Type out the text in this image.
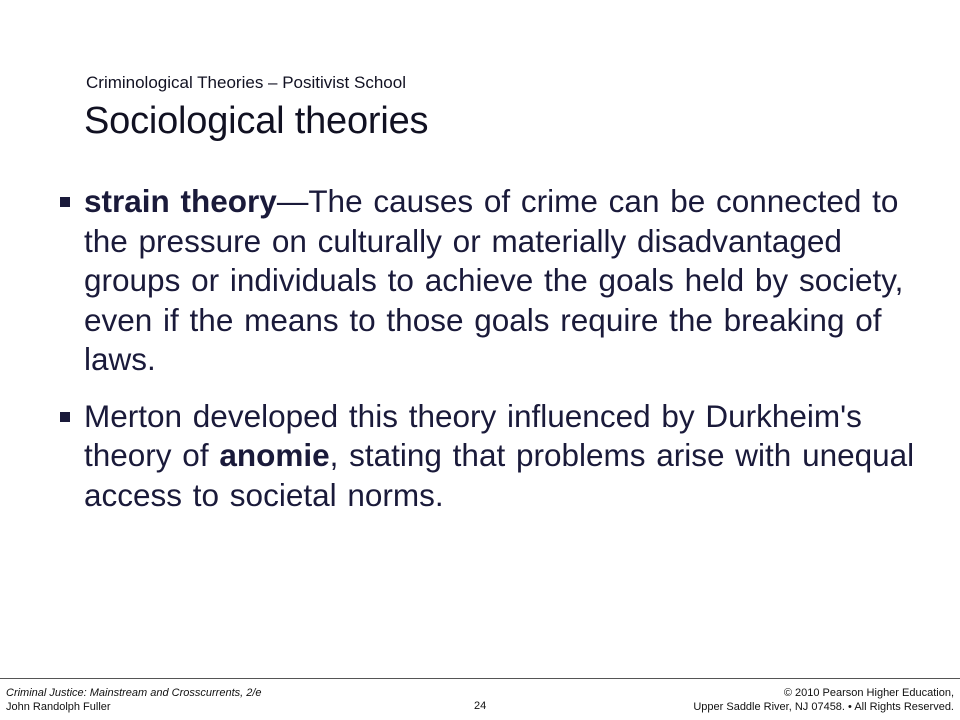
Criminological Theories – Positivist School
Sociological theories
strain theory—The causes of crime can be connected to the pressure on culturally or materially disadvantaged groups or individuals to achieve the goals held by society, even if the means to those goals require the breaking of laws.
Merton developed this theory influenced by Durkheim's theory of anomie, stating that problems arise with unequal access to societal norms.
Criminal Justice: Mainstream and Crosscurrents, 2/e
John Randolph Fuller	24
© 2010 Pearson Higher Education,
Upper Saddle River, NJ 07458. • All Rights Reserved.
